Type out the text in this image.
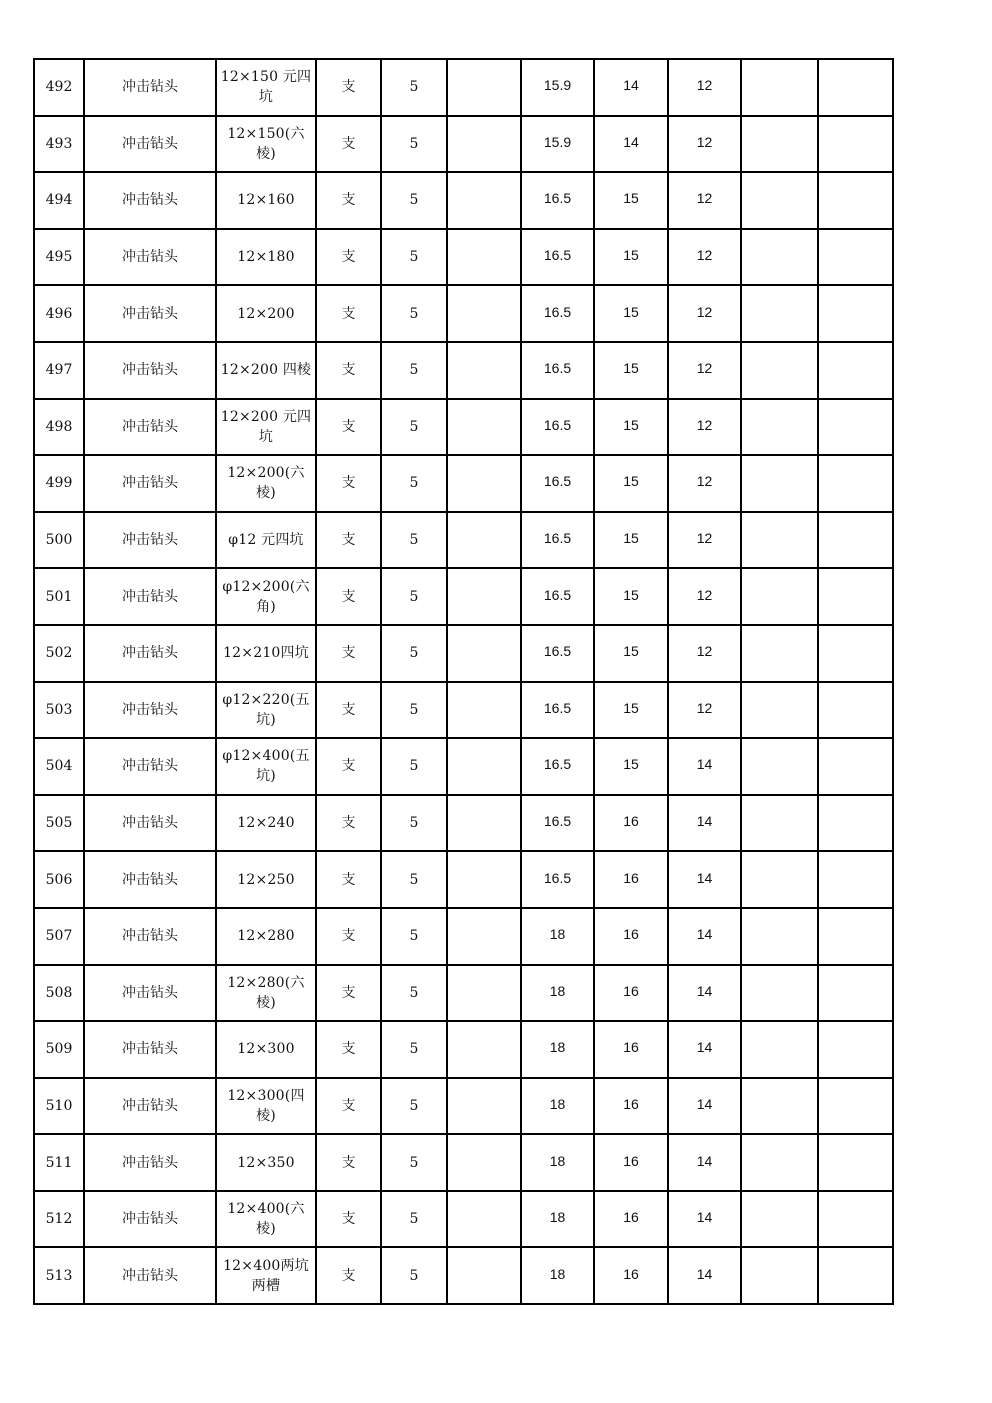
492	冲击钻头	12×150 元四坑	支	5		15.9	14	12		
493	冲击钻头	12×150(六棱)	支	5		15.9	14	12		
494	冲击钻头	12×160	支	5		16.5	15	12		
495	冲击钻头	12×180	支	5		16.5	15	12		
496	冲击钻头	12×200	支	5		16.5	15	12		
497	冲击钻头	12×200 四棱	支	5		16.5	15	12		
498	冲击钻头	12×200 元四坑	支	5		16.5	15	12		
499	冲击钻头	12×200(六棱)	支	5		16.5	15	12		
500	冲击钻头	φ12 元四坑	支	5		16.5	15	12		
501	冲击钻头	φ12×200(六角)	支	5		16.5	15	12		
502	冲击钻头	12×210四坑	支	5		16.5	15	12		
503	冲击钻头	φ12×220(五坑)	支	5		16.5	15	12		
504	冲击钻头	φ12×400(五坑)	支	5		16.5	15	14		
505	冲击钻头	12×240	支	5		16.5	16	14		
506	冲击钻头	12×250	支	5		16.5	16	14		
507	冲击钻头	12×280	支	5		18	16	14		
508	冲击钻头	12×280(六棱)	支	5		18	16	14		
509	冲击钻头	12×300	支	5		18	16	14		
510	冲击钻头	12×300(四棱)	支	5		18	16	14		
511	冲击钻头	12×350	支	5		18	16	14		
512	冲击钻头	12×400(六棱)	支	5		18	16	14		
513	冲击钻头	12×400两坑两槽	支	5		18	16	14		
